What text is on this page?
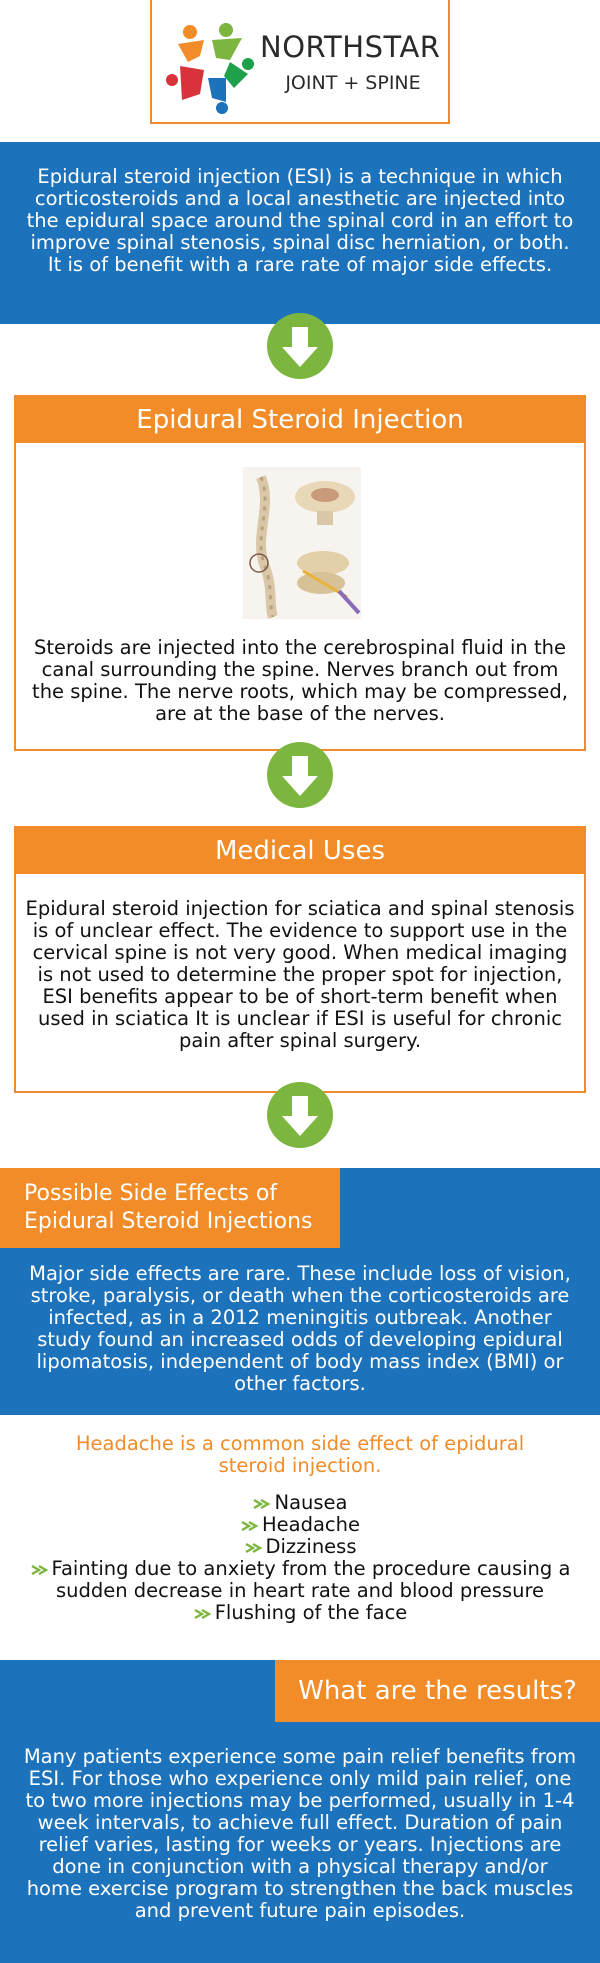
NORTHSTAR
JOINT + SPINE

Epidural steroid injection (ESI) is a technique in which corticosteroids and a local anesthetic are injected into the epidural space around the spinal cord in an effort to improve spinal stenosis, spinal disc herniation, or both. It is of benefit with a rare rate of major side effects.

Epidural Steroid Injection

Steroids are injected into the cerebrospinal fluid in the canal surrounding the spine. Nerves branch out from the spine. The nerve roots, which may be compressed, are at the base of the nerves.

Medical Uses

Epidural steroid injection for sciatica and spinal stenosis is of unclear effect. The evidence to support use in the cervical spine is not very good. When medical imaging is not used to determine the proper spot for injection, ESI benefits appear to be of short-term benefit when used in sciatica It is unclear if ESI is useful for chronic pain after spinal surgery.

Possible Side Effects of
Epidural Steroid Injections

Major side effects are rare. These include loss of vision, stroke, paralysis, or death when the corticosteroids are infected, as in a 2012 meningitis outbreak. Another study found an increased odds of developing epidural lipomatosis, independent of body mass index (BMI) or other factors.

Headache is a common side effect of epidural steroid injection.

Nausea
Headache
Dizziness
Fainting due to anxiety from the procedure causing a sudden decrease in heart rate and blood pressure
Flushing of the face
What are the results?

Many patients experience some pain relief benefits from ESI. For those who experience only mild pain relief, one to two more injections may be performed, usually in 1-4 week intervals, to achieve full effect. Duration of pain relief varies, lasting for weeks or years. Injections are done in conjunction with a physical therapy and/or home exercise program to strengthen the back muscles and prevent future pain episodes.
